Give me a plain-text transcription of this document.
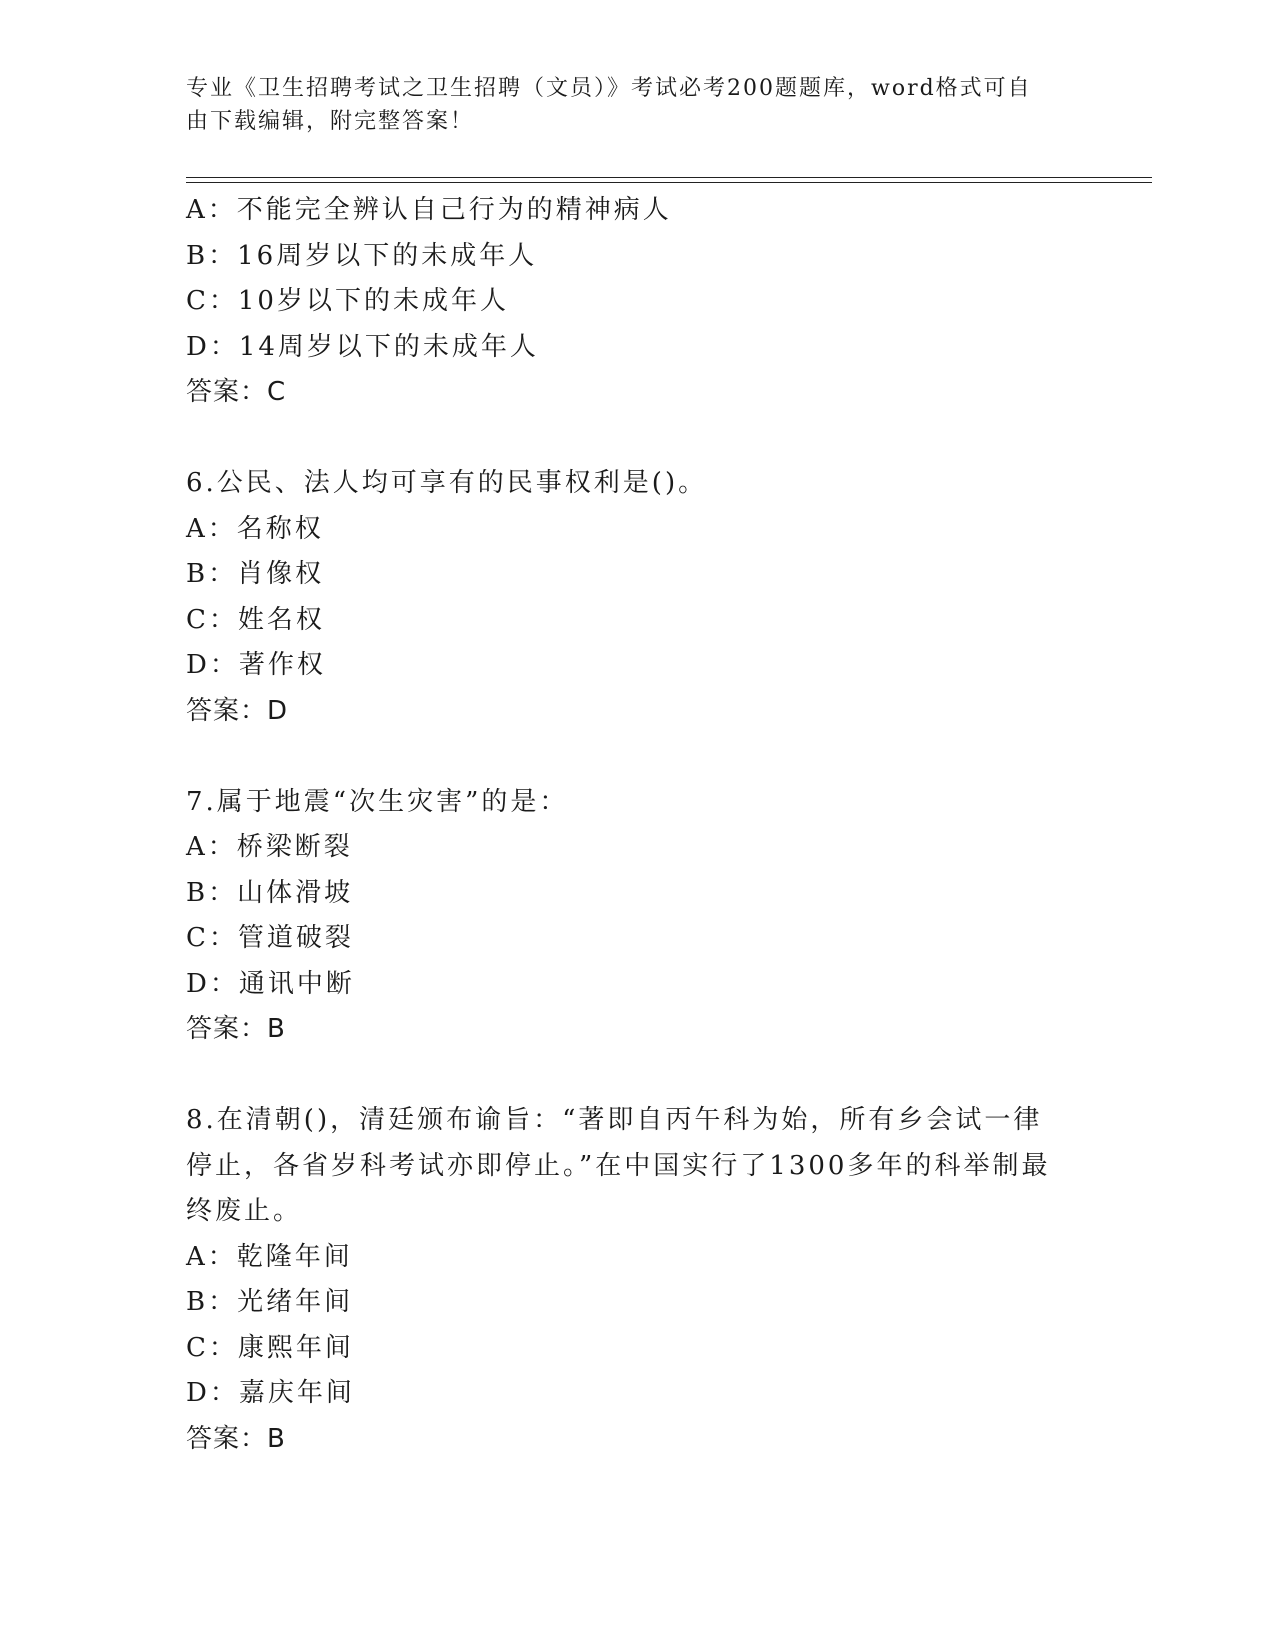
专业《卫生招聘考试之卫生招聘（文员）》考试必考200题题库，word格式可自
由下载编辑，附完整答案！
A：不能完全辨认自己行为的精神病人
B：16周岁以下的未成年人
C：10岁以下的未成年人
D：14周岁以下的未成年人
答案：C
6.公民、法人均可享有的民事权利是()。
A：名称权
B：肖像权
C：姓名权
D：著作权
答案：D
7.属于地震“次生灾害”的是：
A：桥梁断裂
B：山体滑坡
C：管道破裂
D：通讯中断
答案：B
8.在清朝()，清廷颁布谕旨：“著即自丙午科为始，所有乡会试一律
停止，各省岁科考试亦即停止。”在中国实行了1300多年的科举制最
终废止。
A：乾隆年间
B：光绪年间
C：康熙年间
D：嘉庆年间
答案：B
